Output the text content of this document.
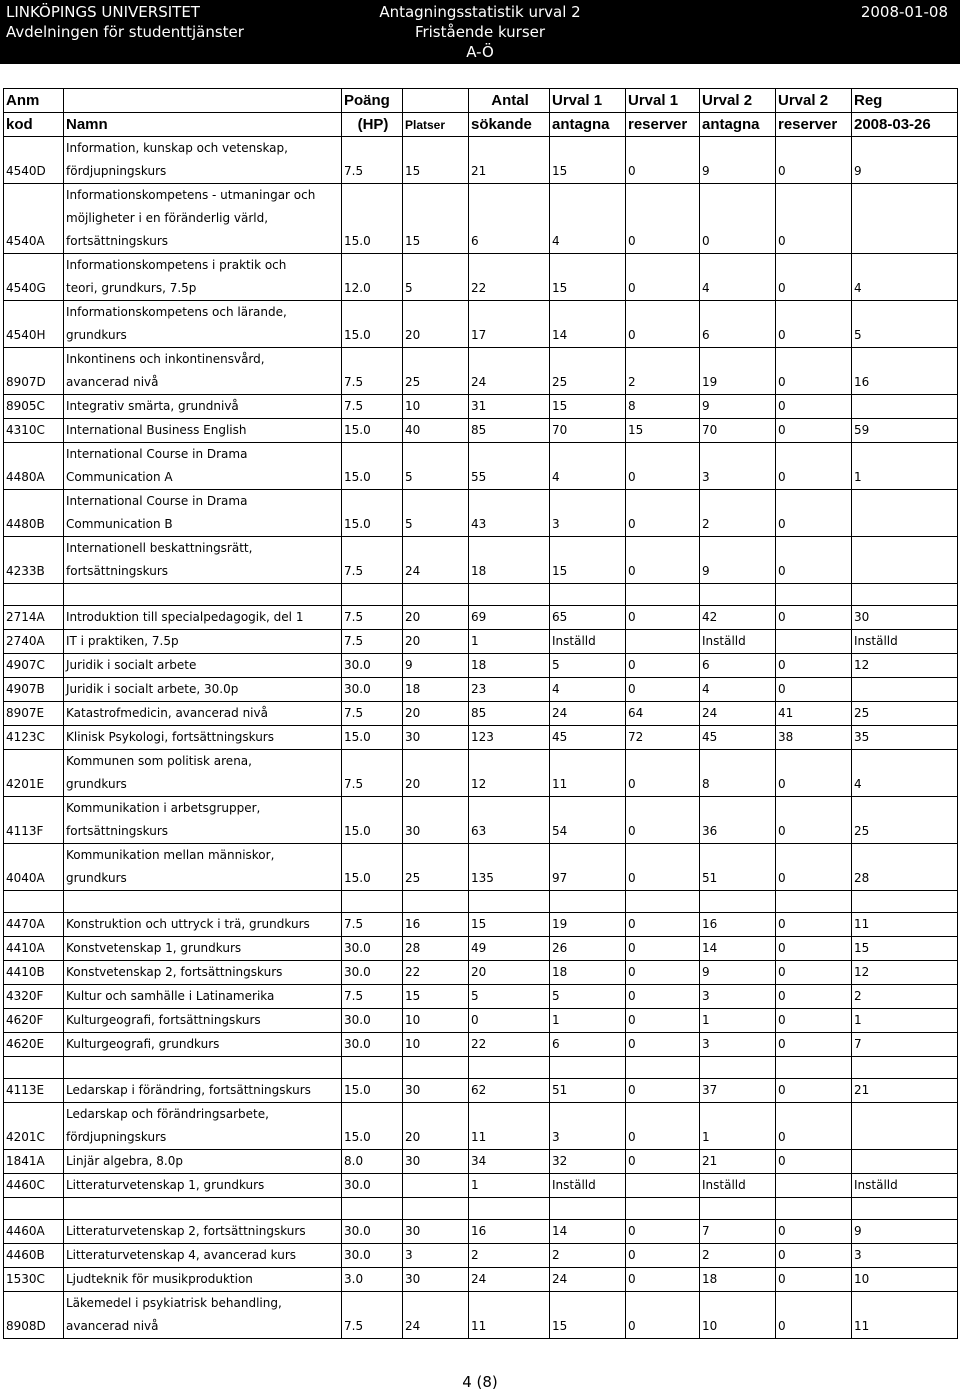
LINKÖPINGS UNIVERSITET
Avdelningen för studenttjänster
Antagningsstatistik urval 2
Fristående kurser
A-Ö
2008-01-08
Anm		Poäng		Antal	Urval 1	Urval 1	Urval 2	Urval 2	Reg
kod	Namn	(HP)	Platser	sökande	antagna	reserver	antagna	reserver	2008-03-26
4540D	Information, kunskap och vetenskap,
fördjupningskurs	7.5	15	21	15	0	9	0	9
4540A	Informationskompetens - utmaningar och
möjligheter i en föränderlig värld,
fortsättningskurs	15.0	15	6	4	0	0	0	
4540G	Informationskompetens i praktik och
teori, grundkurs, 7.5p	12.0	5	22	15	0	4	0	4
4540H	Informationskompetens och lärande,
grundkurs	15.0	20	17	14	0	6	0	5
8907D	Inkontinens och inkontinensvård,
avancerad nivå	7.5	25	24	25	2	19	0	16
8905C	Integrativ smärta, grundnivå	7.5	10	31	15	8	9	0	
4310C	International Business English	15.0	40	85	70	15	70	0	59
4480A	International Course in Drama
Communication A	15.0	5	55	4	0	3	0	1
4480B	International Course in Drama
Communication B	15.0	5	43	3	0	2	0	
4233B	Internationell beskattningsrätt,
fortsättningskurs	7.5	24	18	15	0	9	0	

2714A	Introduktion till specialpedagogik, del 1	7.5	20	69	65	0	42	0	30
2740A	IT i praktiken, 7.5p	7.5	20	1	Inställd		Inställd		Inställd
4907C	Juridik i socialt arbete	30.0	9	18	5	0	6	0	12
4907B	Juridik i socialt arbete, 30.0p	30.0	18	23	4	0	4	0	
8907E	Katastrofmedicin, avancerad nivå	7.5	20	85	24	64	24	41	25
4123C	Klinisk Psykologi, fortsättningskurs	15.0	30	123	45	72	45	38	35
4201E	Kommunen som politisk arena,
grundkurs	7.5	20	12	11	0	8	0	4
4113F	Kommunikation i arbetsgrupper,
fortsättningskurs	15.0	30	63	54	0	36	0	25
4040A	Kommunikation mellan människor,
grundkurs	15.0	25	135	97	0	51	0	28

4470A	Konstruktion och uttryck i trä, grundkurs	7.5	16	15	19	0	16	0	11
4410A	Konstvetenskap 1, grundkurs	30.0	28	49	26	0	14	0	15
4410B	Konstvetenskap 2, fortsättningskurs	30.0	22	20	18	0	9	0	12
4320F	Kultur och samhälle i Latinamerika	7.5	15	5	5	0	3	0	2
4620F	Kulturgeografi, fortsättningskurs	30.0	10	0	1	0	1	0	1
4620E	Kulturgeografi, grundkurs	30.0	10	22	6	0	3	0	7

4113E	Ledarskap i förändring, fortsättningskurs	15.0	30	62	51	0	37	0	21
4201C	Ledarskap och förändringsarbete,
fördjupningskurs	15.0	20	11	3	0	1	0	
1841A	Linjär algebra, 8.0p	8.0	30	34	32	0	21	0	
4460C	Litteraturvetenskap 1, grundkurs	30.0		1	Inställd		Inställd		Inställd

4460A	Litteraturvetenskap 2, fortsättningskurs	30.0	30	16	14	0	7	0	9
4460B	Litteraturvetenskap 4, avancerad kurs	30.0	3	2	2	0	2	0	3
1530C	Ljudteknik för musikproduktion	3.0	30	24	24	0	18	0	10
8908D	Läkemedel i psykiatrisk behandling,
avancerad nivå	7.5	24	11	15	0	10	0	11
4 (8)
